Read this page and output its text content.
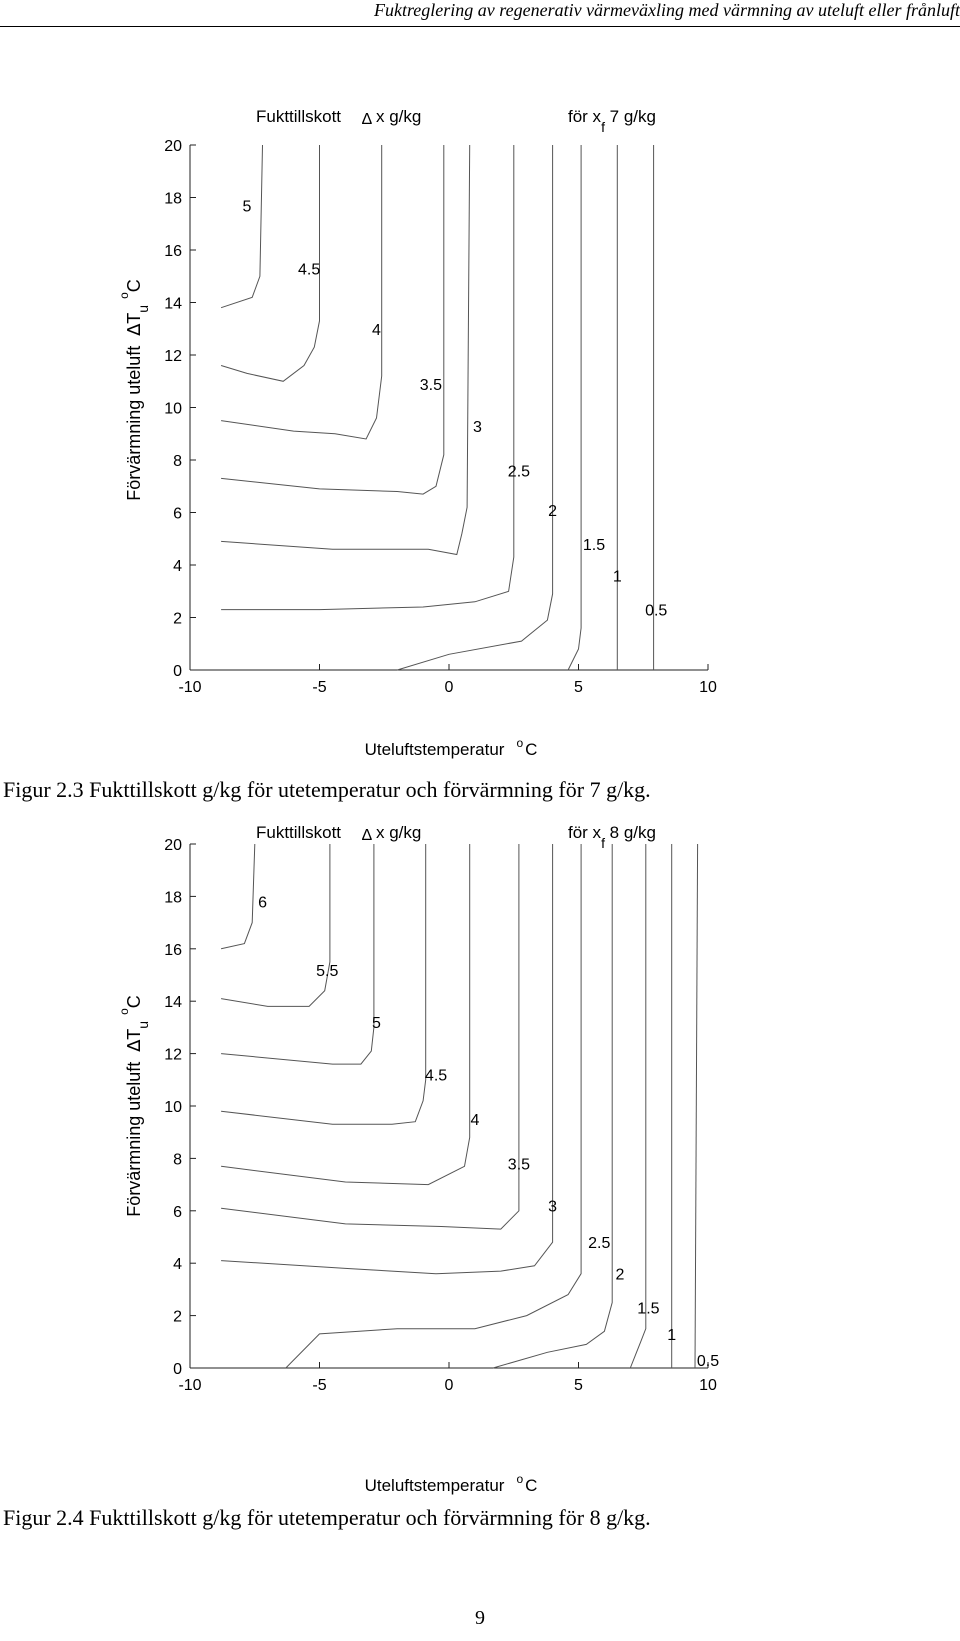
Fuktreglering av regenerativ värmeväxling med värmning av uteluft eller frånluft
Fukttillskott ∆ x g/kg	för $x_f$ 7 g/kg
Förvärmning $uteluft\Delta T_u^oC$
Uteluftstemperatur $^o$ C
0
2
4
6
8
10
12
14
16
18
20
-10	-5	0	5	10
5
4.5
4
3.5
3
2.5
2
1.5
1
0.5
Figur 2.3 Fukttillskott g/kg för utetemperatur och förvärmning för 7 g/kg.
Fukttillskott ∆ x g/kg	för $x_f$ 8 g/kg
Förvärmning $uteluft\Delta T_u^oC$
Uteluftstemperatur $^o$ C
0
2
4
6
8
10
12
14
16
18
20
-10	-5	0	5	10
6
5.5
5
4.5
4
3.5
3
2.5
2
1.5
1
0.5
Figur 2.4 Fukttillskott g/kg för utetemperatur och förvärmning för 8 g/kg.
9
